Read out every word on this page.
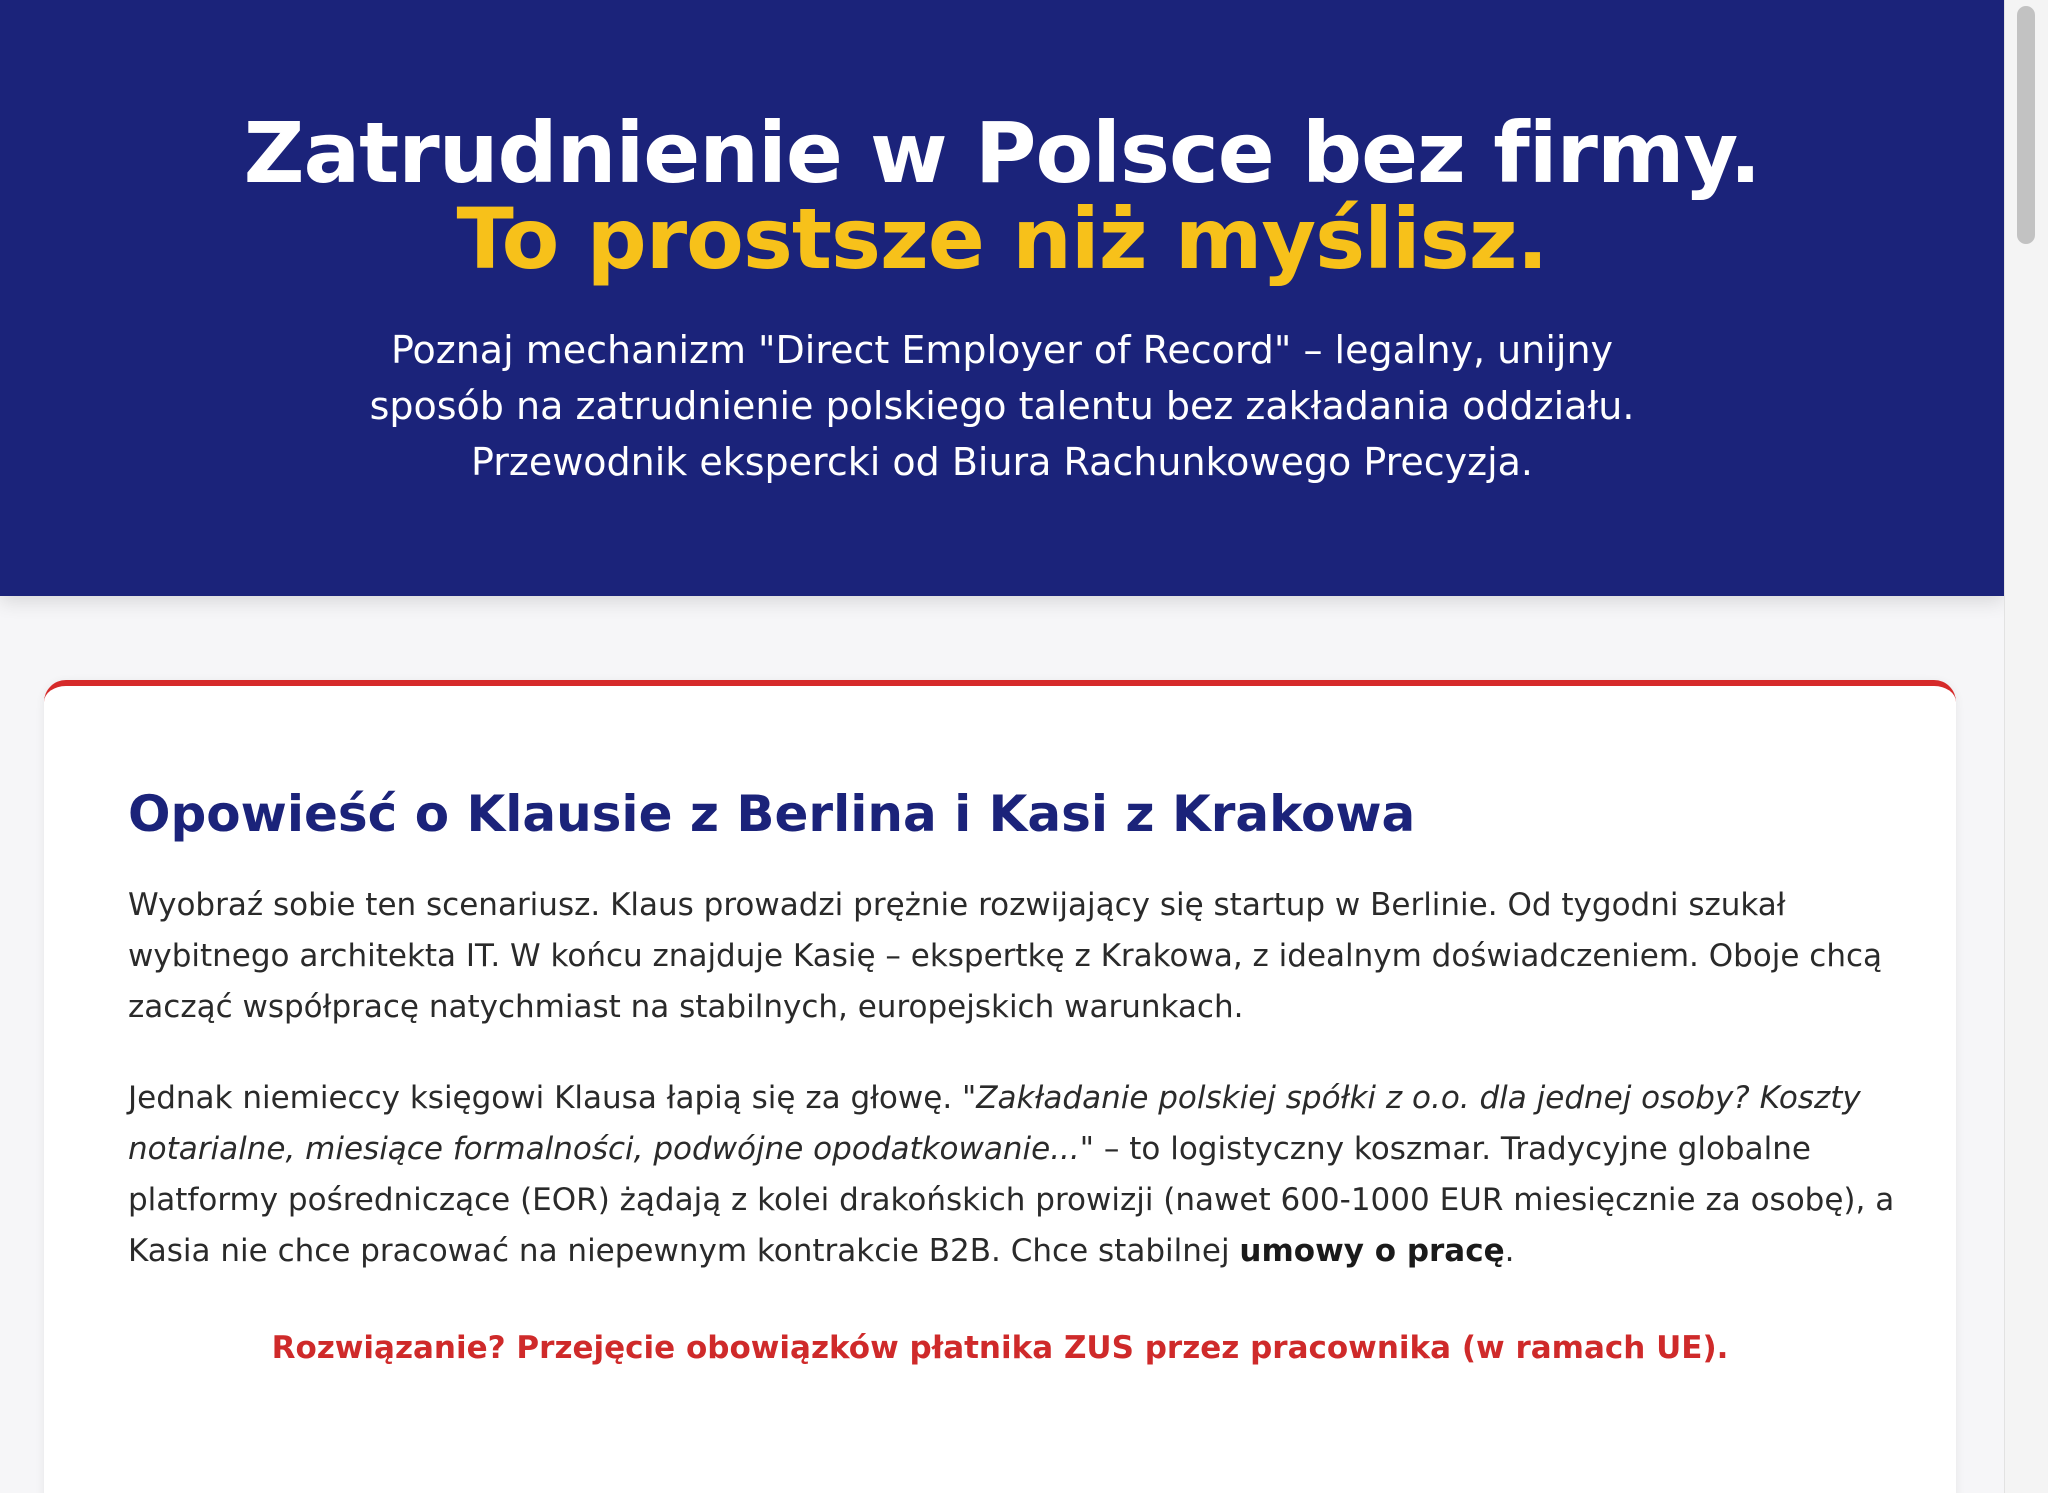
Zatrudnienie w Polsce bez firmy.
To prostsze niż myślisz.

Poznaj mechanizm "Direct Employer of Record" – legalny, unijny
sposób na zatrudnienie polskiego talentu bez zakładania oddziału.
Przewodnik ekspercki od Biura Rachunkowego Precyzja.

Opowieść o Klausie z Berlina i Kasi z Krakowa

Wyobraź sobie ten scenariusz. Klaus prowadzi prężnie rozwijający się startup w Berlinie. Od tygodni szukał wybitnego architekta IT. W końcu znajduje Kasię – ekspertkę z Krakowa, z idealnym doświadczeniem. Oboje chcą zacząć współpracę natychmiast na stabilnych, europejskich warunkach.

Jednak niemieccy księgowi Klausa łapią się za głowę. "Zakładanie polskiej spółki z o.o. dla jednej osoby? Koszty notarialne, miesiące formalności, podwójne opodatkowanie..." – to logistyczny koszmar. Tradycyjne globalne platformy pośredniczące (EOR) żądają z kolei drakońskich prowizji (nawet 600-1000 EUR miesięcznie za osobę), a Kasia nie chce pracować na niepewnym kontrakcie B2B. Chce stabilnej umowy o pracę.

Rozwiązanie? Przejęcie obowiązków płatnika ZUS przez pracownika (w ramach UE).
